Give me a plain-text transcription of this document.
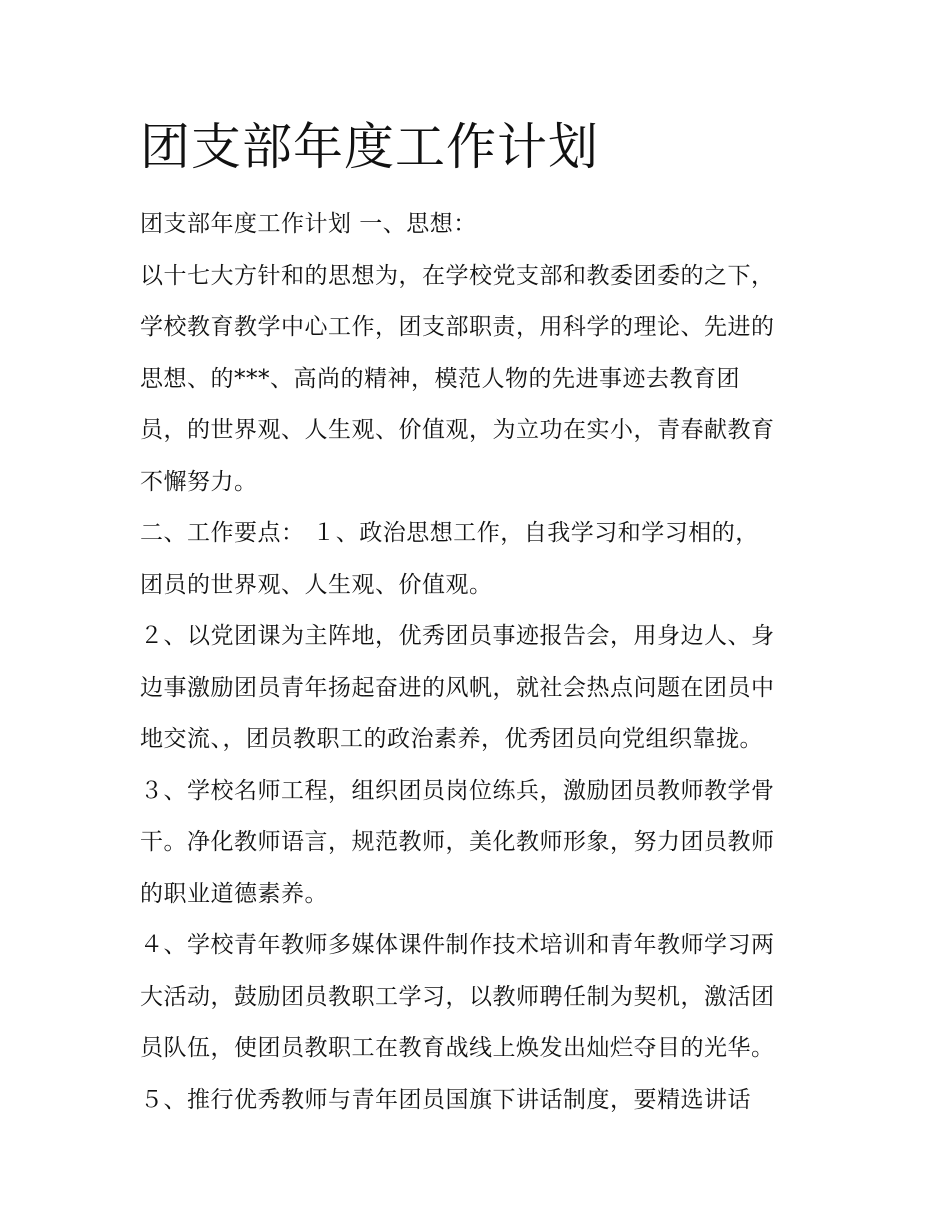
团支部年度工作计划
团支部年度工作计划 一、思想：
以十七大方针和的思想为，在学校党支部和教委团委的之下，
学校教育教学中心工作，团支部职责，用科学的理论、先进的
思想、的***、高尚的精神，模范人物的先进事迹去教育团
员，的世界观、人生观、价值观，为立功在实小，青春献教育
不懈努力。
二、工作要点： １、政治思想工作，自我学习和学习相的，
团员的世界观、人生观、价值观。
２、以党团课为主阵地，优秀团员事迹报告会，用身边人、身
边事激励团员青年扬起奋进的风帆，就社会热点问题在团员中
地交流、，团员教职工的政治素养，优秀团员向党组织靠拢。
３、学校名师工程，组织团员岗位练兵，激励团员教师教学骨
干。净化教师语言，规范教师，美化教师形象，努力团员教师
的职业道德素养。
４、学校青年教师多媒体课件制作技术培训和青年教师学习两
大活动，鼓励团员教职工学习，以教师聘任制为契机，激活团
员队伍，使团员教职工在教育战线上焕发出灿烂夺目的光华。
５、推行优秀教师与青年团员国旗下讲话制度，要精选讲话
